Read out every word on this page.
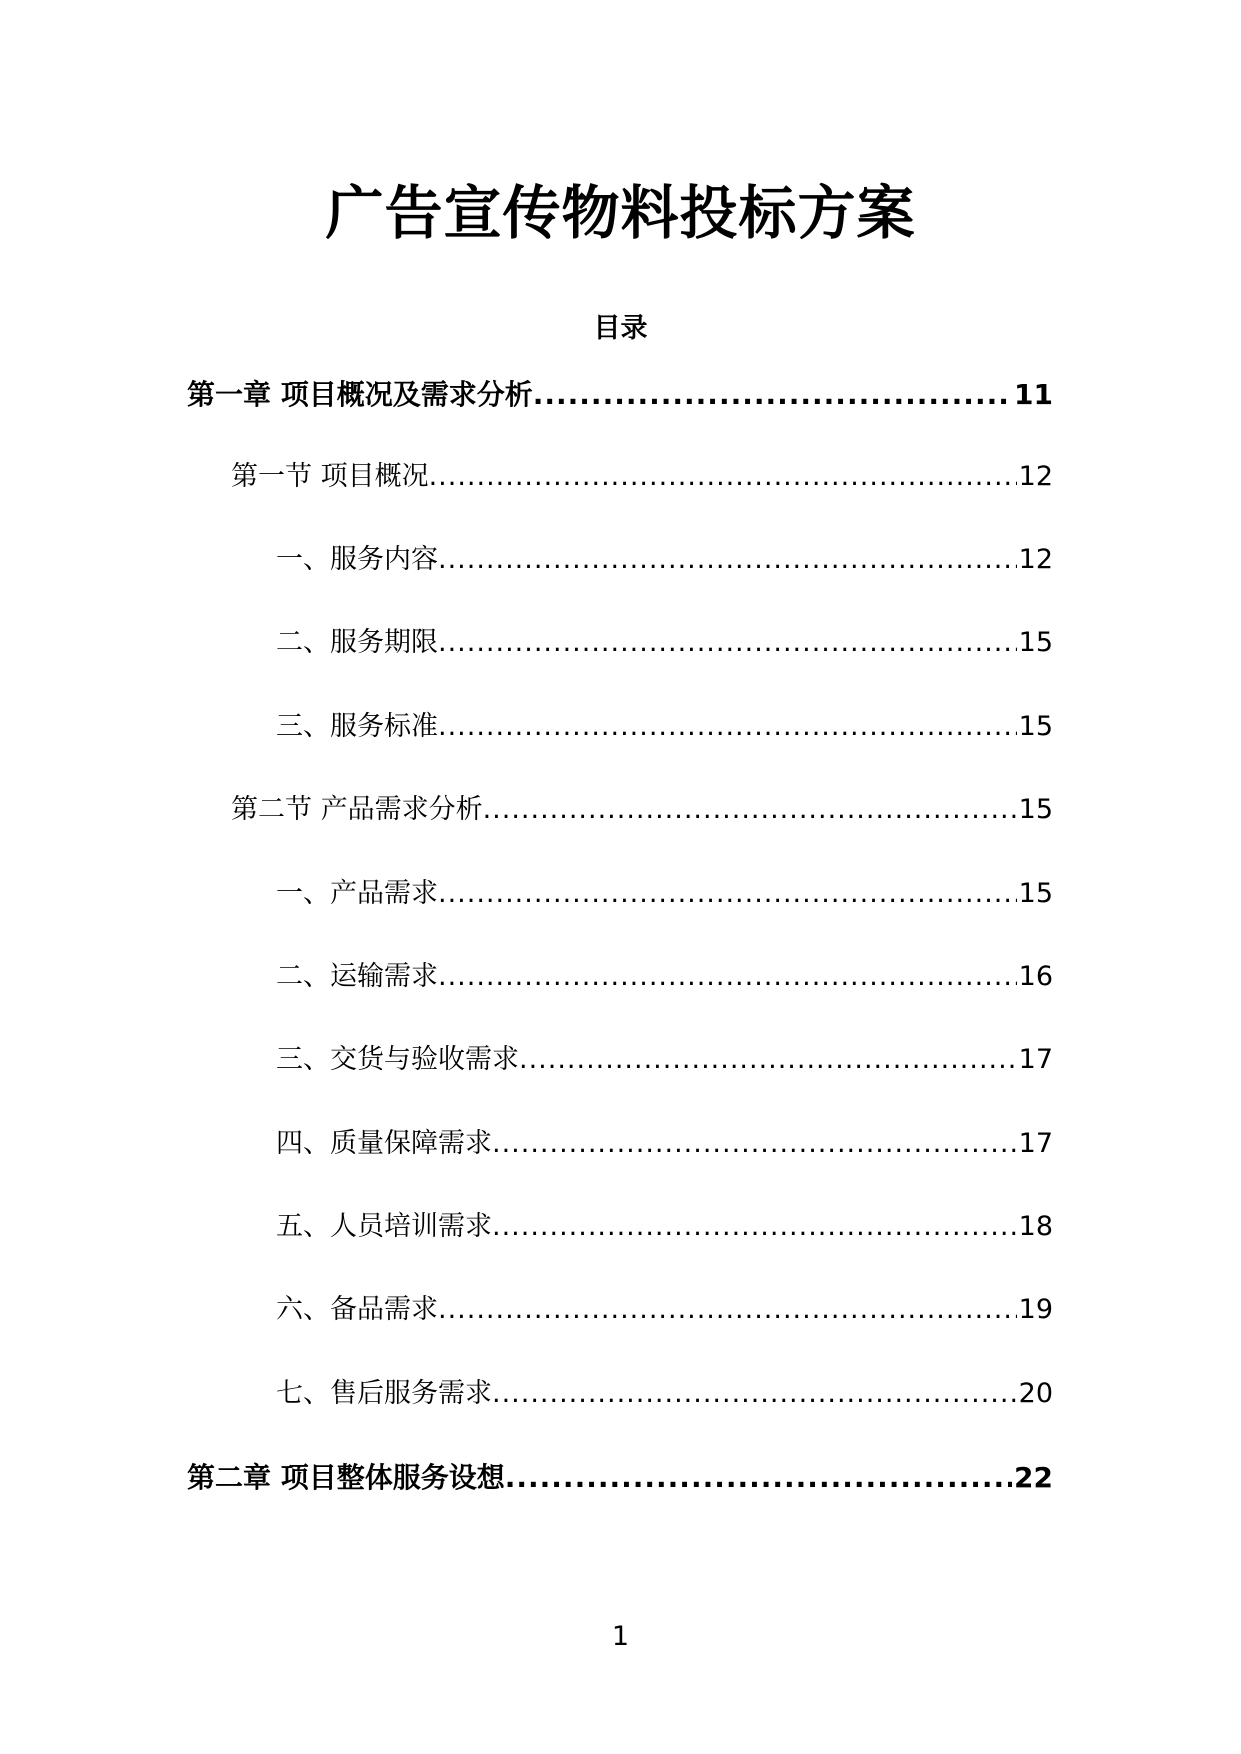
广告宣传物料投标方案
目录
第一章 项目概况及需求分析 .....	11
第一节 项目概况 .....	12
一、服务内容 .....	12
二、服务期限 .....	15
三、服务标准 .....	15
第二节 产品需求分析 .....	15
一、产品需求 .....	15
二、运输需求 .....	16
三、交货与验收需求 .....	17
四、质量保障需求 .....	17
五、人员培训需求 .....	18
六、备品需求 .....	19
七、售后服务需求 .....	20
第二章 项目整体服务设想 .....	22
1
